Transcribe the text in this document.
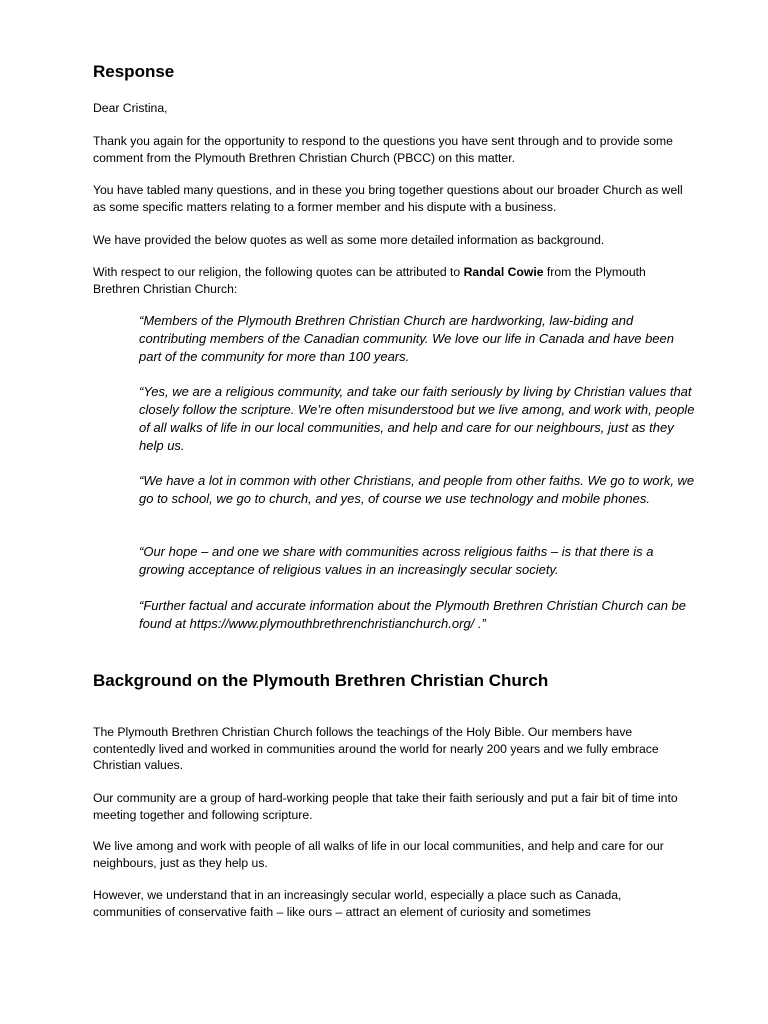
Response

Dear Cristina,

Thank you again for the opportunity to respond to the questions you have sent through and to provide some comment from the Plymouth Brethren Christian Church (PBCC) on this matter.

You have tabled many questions, and in these you bring together questions about our broader Church as well as some specific matters relating to a former member and his dispute with a business.

We have provided the below quotes as well as some more detailed information as background.

With respect to our religion, the following quotes can be attributed to Randal Cowie from the Plymouth Brethren Christian Church:

“Members of the Plymouth Brethren Christian Church are hardworking, law-biding and contributing members of the Canadian community. We love our life in Canada and have been part of the community for more than 100 years.

“Yes, we are a religious community, and take our faith seriously by living by Christian values that closely follow the scripture. We’re often misunderstood but we live among, and work with, people of all walks of life in our local communities, and help and care for our neighbours, just as they help us.

“We have a lot in common with other Christians, and people from other faiths. We go to work, we go to school, we go to church, and yes, of course we use technology and mobile phones.

“Our hope – and one we share with communities across religious faiths – is that there is a growing acceptance of religious values in an increasingly secular society.

“Further factual and accurate information about the Plymouth Brethren Christian Church can be found at https://www.plymouthbrethrenchristianchurch.org/ .”

Background on the Plymouth Brethren Christian Church

The Plymouth Brethren Christian Church follows the teachings of the Holy Bible. Our members have contentedly lived and worked in communities around the world for nearly 200 years and we fully embrace Christian values.

Our community are a group of hard-working people that take their faith seriously and put a fair bit of time into meeting together and following scripture.

We live among and work with people of all walks of life in our local communities, and help and care for our neighbours, just as they help us.

However, we understand that in an increasingly secular world, especially a place such as Canada, communities of conservative faith – like ours – attract an element of curiosity and sometimes
